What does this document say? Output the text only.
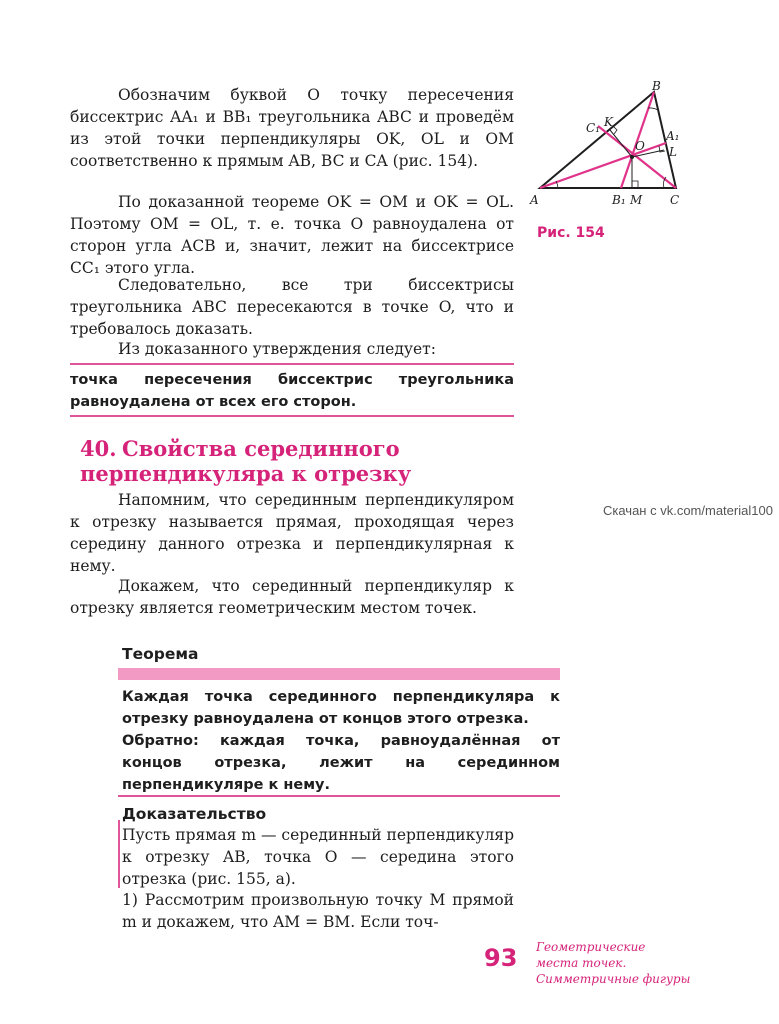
Обозначим буквой O точку пересечения биссектрис AA₁ и BB₁ треугольника ABC и проведём из этой точки перпендикуляры OK, OL и OM соответственно к прямым AB, BC и CA (рис. 154).

По доказанной теореме OK = OM и OK = OL. Поэтому OM = OL, т. е. точка O равноудалена от сторон угла ACB и, значит, лежит на биссектрисе CC₁ этого угла.

Следовательно, все три биссектрисы треугольника ABC пересекаются в точке O, что и требовалось доказать.

Из доказанного утверждения следует:

точка пересечения биссектрис треугольника равноудалена от всех его сторон.

A
B
C
O
K
L
M
A₁
B₁
C₁
Рис. 154
40. Свойства серединного перпендикуляра к отрезку

Напомним, что серединным перпендикуляром к отрезку называется прямая, проходящая через середину данного отрезка и перпендикулярная к нему.

Докажем, что серединный перпендикуляр к отрезку является геометрическим местом точек.

Скачан с vk.com/material100
Теорема

Каждая точка серединного перпендикуляра к отрезку равноудалена от концов этого отрезка.

Обратно: каждая точка, равноудалённая от концов отрезка, лежит на серединном перпендикуляре к нему.

Доказательство

Пусть прямая m — серединный перпендикуляр к отрезку AB, точка O — середина этого отрезка (рис. 155, а).

1) Рассмотрим произвольную точку M прямой m и докажем, что AM = BM. Если точ-

93 Геометрические
места точек.
Симметричные фигуры
